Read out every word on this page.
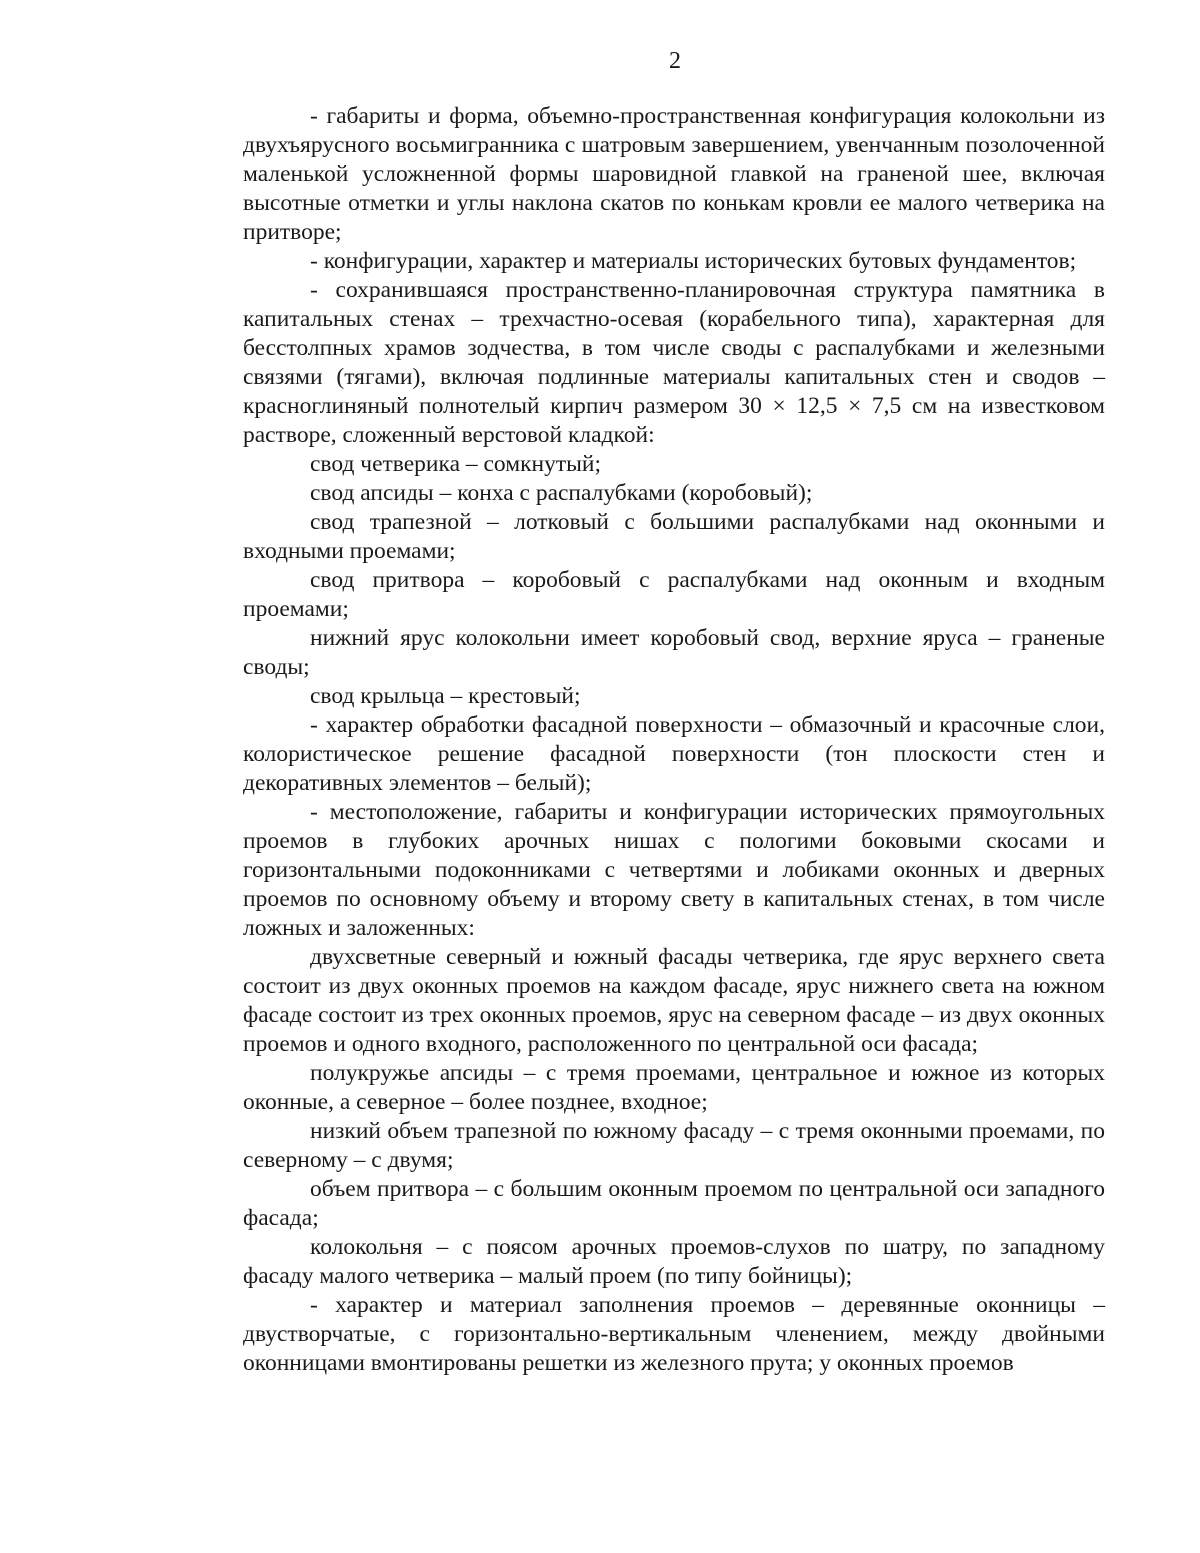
2

- габариты и форма, объемно-пространственная конфигурация колокольни из двухъярусного восьмигранника с шатровым завершением, увенчанным позолоченной маленькой усложненной формы шаровидной главкой на граненой шее, включая высотные отметки и углы наклона скатов по конькам кровли ее малого четверика на притворе;

- конфигурации, характер и материалы исторических бутовых фундаментов;

- сохранившаяся пространственно-планировочная структура памятника в капитальных стенах – трехчастно-осевая (корабельного типа), характерная для бесстолпных храмов зодчества, в том числе своды с распалубками и железными связями (тягами), включая подлинные материалы капитальных стен и сводов – красноглиняный полнотелый кирпич размером 30 × 12,5 × 7,5 см на известковом растворе, сложенный верстовой кладкой:

свод четверика – сомкнутый;

свод апсиды – конха с распалубками (коробовый);

свод трапезной – лотковый с большими распалубками над оконными и входными проемами;

свод притвора – коробовый с распалубками над оконным и входным проемами;

нижний ярус колокольни имеет коробовый свод, верхние яруса – граненые своды;

свод крыльца – крестовый;

- характер обработки фасадной поверхности – обмазочный и красочные слои, колористическое решение фасадной поверхности (тон плоскости стен и декоративных элементов – белый);

- местоположение, габариты и конфигурации исторических прямоугольных проемов в глубоких арочных нишах с пологими боковыми скосами и горизонтальными подоконниками с четвертями и лобиками оконных и дверных проемов по основному объему и второму свету в капитальных стенах, в том числе ложных и заложенных:

двухсветные северный и южный фасады четверика, где ярус верхнего света состоит из двух оконных проемов на каждом фасаде, ярус нижнего света на южном фасаде состоит из трех оконных проемов, ярус на северном фасаде – из двух оконных проемов и одного входного, расположенного по центральной оси фасада;

полукружье апсиды – с тремя проемами, центральное и южное из которых оконные, а северное – более позднее, входное;

низкий объем трапезной по южному фасаду – с тремя оконными проемами, по северному – с двумя;

объем притвора – с большим оконным проемом по центральной оси западного фасада;

колокольня – с поясом арочных проемов-слухов по шатру, по западному фасаду малого четверика – малый проем (по типу бойницы);

- характер и материал заполнения проемов – деревянные оконницы – двустворчатые, с горизонтально-вертикальным членением, между двойными оконницами вмонтированы решетки из железного прута; у оконных проемов
